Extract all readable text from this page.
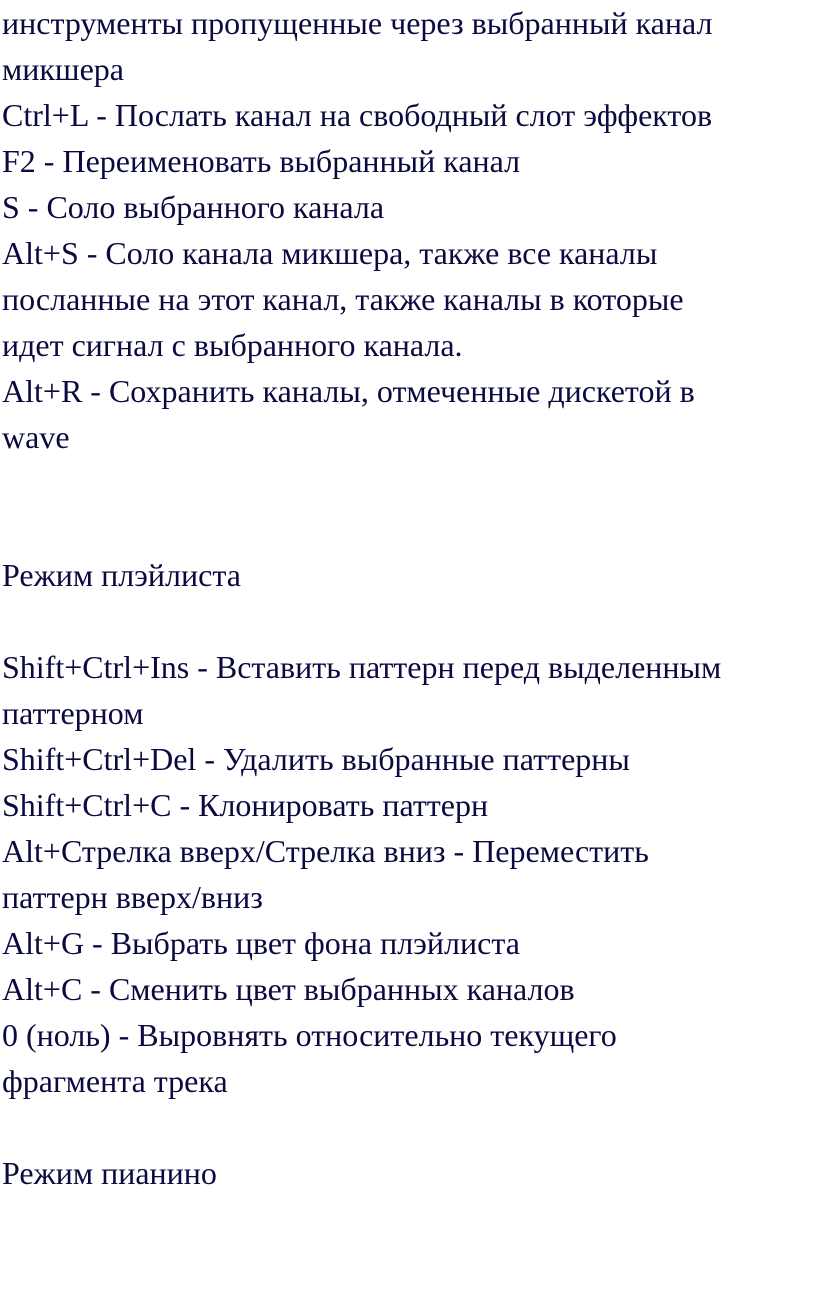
инструменты пропущенные через выбранный канал
микшера
Ctrl+L - Послать канал на свободный слот эффектов
F2 - Переименовать выбранный канал
S - Соло выбранного канала
Alt+S - Соло канала микшера, также все каналы
посланные на этот канал, также каналы в которые
идет сигнал с выбранного канала.
Alt+R - Сохранить каналы, отмеченные дискетой в
wave
Режим плэйлиста
Shift+Ctrl+Ins - Вставить паттерн перед выделенным
паттерном
Shift+Ctrl+Del - Удалить выбранные паттерны
Shift+Ctrl+C - Клонировать паттерн
Alt+Стрелка вверх/Стрелка вниз - Переместить
паттерн вверх/вниз
Alt+G - Выбрать цвет фона плэйлиста
Alt+C - Сменить цвет выбранных каналов
0 (ноль) - Выровнять относительно текущего
фрагмента трека
Режим пианино
